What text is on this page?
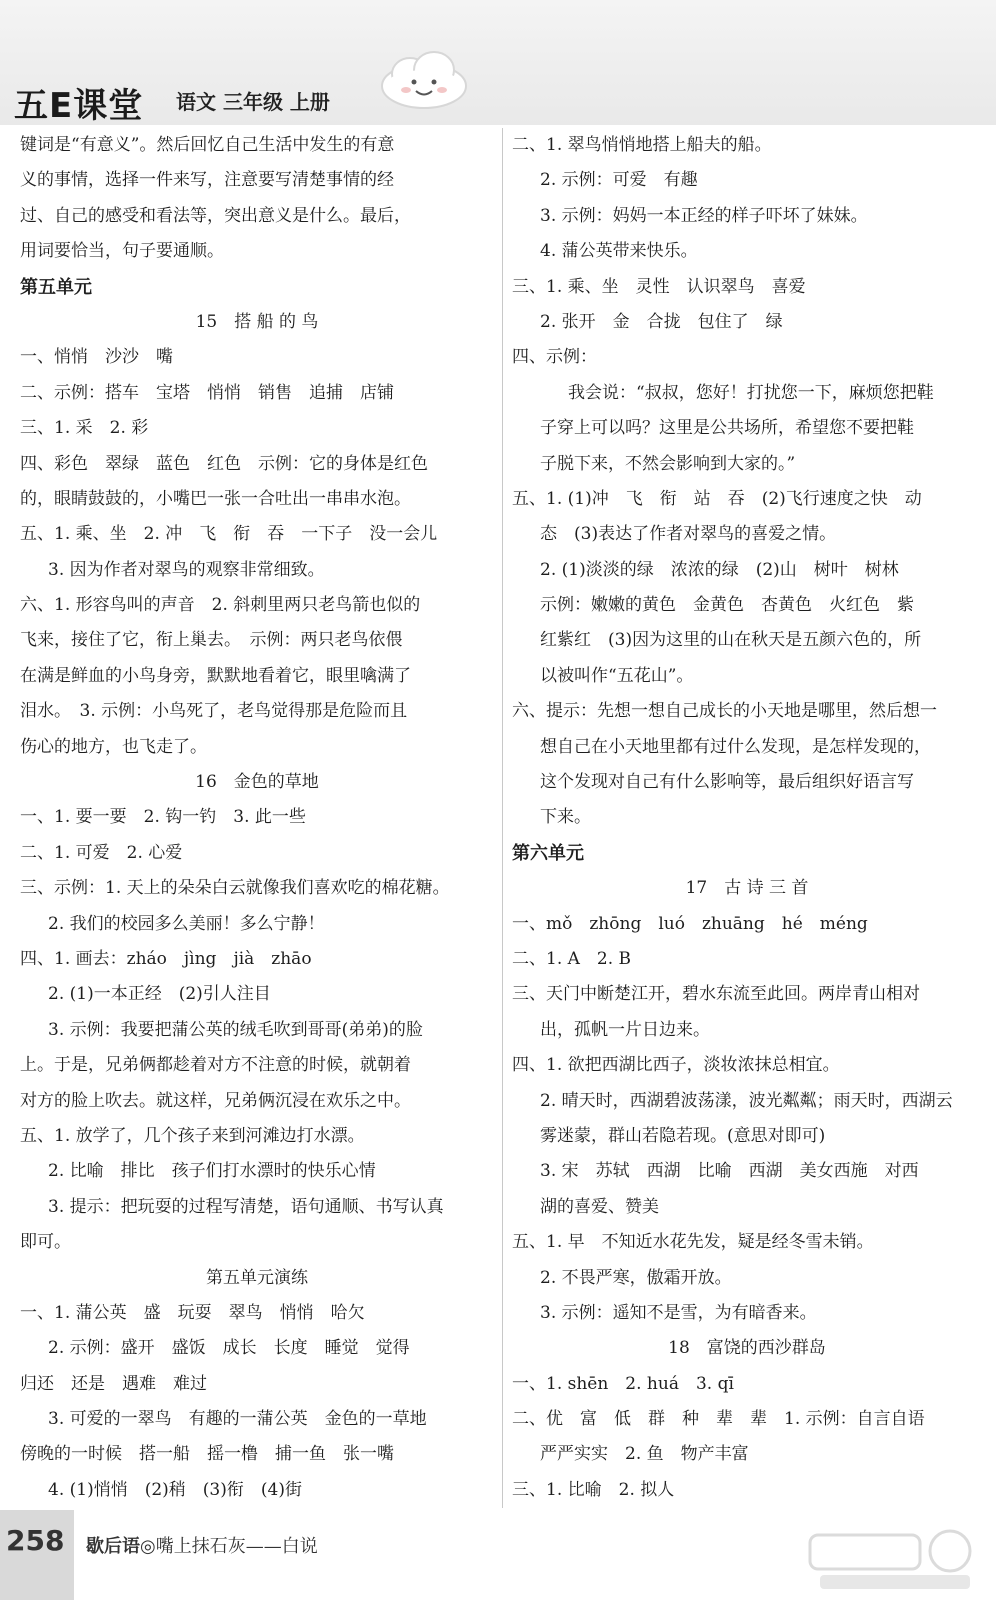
五E课堂 语文 三年级 上册
键词是“有意义”。然后回忆自己生活中发生的有意
义的事情，选择一件来写，注意要写清楚事情的经
过、自己的感受和看法等，突出意义是什么。最后，
用词要恰当，句子要通顺。
第五单元
15　搭 船 的 鸟
一、悄悄　沙沙　嘴
二、示例：搭车　宝塔　悄悄　销售　追捕　店铺
三、1. 采　2. 彩
四、彩色　翠绿　蓝色　红色　示例：它的身体是红色
的，眼睛鼓鼓的，小嘴巴一张一合吐出一串串水泡。
五、1. 乘、坐　2. 冲　飞　衔　吞　一下子　没一会儿
3. 因为作者对翠鸟的观察非常细致。
六、1. 形容鸟叫的声音　2. 斜刺里两只老鸟箭也似的
飞来，接住了它，衔上巢去。　示例：两只老鸟依偎
在满是鲜血的小鸟身旁，默默地看着它，眼里噙满了
泪水。　3. 示例：小鸟死了，老鸟觉得那是危险而且
伤心的地方，也飞走了。
16　金色的草地
一、1. 要一要　2. 钩一钓　3. 此一些
二、1. 可爱　2. 心爱
三、示例：1. 天上的朵朵白云就像我们喜欢吃的棉花糖。
2. 我们的校园多么美丽！多么宁静！
四、1. 画去：zháo　jìng　jià　zhāo
2. (1)一本正经　(2)引人注目
3. 示例：我要把蒲公英的绒毛吹到哥哥(弟弟)的脸
上。于是，兄弟俩都趁着对方不注意的时候，就朝着
对方的脸上吹去。就这样，兄弟俩沉浸在欢乐之中。
五、1. 放学了，几个孩子来到河滩边打水漂。
2. 比喻　排比　孩子们打水漂时的快乐心情
3. 提示：把玩耍的过程写清楚，语句通顺、书写认真
即可。
第五单元演练
一、1. 蒲公英　盛　玩耍　翠鸟　悄悄　哈欠
2. 示例：盛开　盛饭　成长　长度　睡觉　觉得
归还　还是　遇难　难过
3. 可爱的一翠鸟　有趣的一蒲公英　金色的一草地
傍晚的一时候　搭一船　摇一橹　捕一鱼　张一嘴
4. (1)悄悄　(2)稍　(3)衔　(4)街
二、1. 翠鸟悄悄地搭上船夫的船。
2. 示例：可爱　有趣
3. 示例：妈妈一本正经的样子吓坏了妹妹。
4. 蒲公英带来快乐。
三、1. 乘、坐　灵性　认识翠鸟　喜爱
2. 张开　金　合拢　包住了　绿
四、示例：
我会说：“叔叔，您好！打扰您一下，麻烦您把鞋
子穿上可以吗？这里是公共场所，希望您不要把鞋
子脱下来，不然会影响到大家的。”
五、1. (1)冲　飞　衔　站　吞　(2)飞行速度之快　动
态　(3)表达了作者对翠鸟的喜爱之情。
2. (1)淡淡的绿　浓浓的绿　(2)山　树叶　树林
示例：嫩嫩的黄色　金黄色　杏黄色　火红色　紫
红紫红　(3)因为这里的山在秋天是五颜六色的，所
以被叫作“五花山”。
六、提示：先想一想自己成长的小天地是哪里，然后想一
想自己在小天地里都有过什么发现，是怎样发现的，
这个发现对自己有什么影响等，最后组织好语言写
下来。
第六单元
17　古 诗 三 首
一、mǒ　zhōng　luó　zhuāng　hé　méng
二、1. A　2. B
三、天门中断楚江开，碧水东流至此回。两岸青山相对
出，孤帆一片日边来。
四、1. 欲把西湖比西子，淡妆浓抹总相宜。
2. 晴天时，西湖碧波荡漾，波光粼粼；雨天时，西湖云
雾迷蒙，群山若隐若现。(意思对即可)
3. 宋　苏轼　西湖　比喻　西湖　美女西施　对西
湖的喜爱、赞美
五、1. 早　不知近水花先发，疑是经冬雪未销。
2. 不畏严寒，傲霜开放。
3. 示例：遥知不是雪，为有暗香来。
18　富饶的西沙群岛
一、1. shēn　2. huá　3. qī
二、优　富　低　群　种　辈　辈　1. 示例：自言自语
严严实实　2. 鱼　物产丰富
三、1. 比喻　2. 拟人
258 歇后语◎嘴上抹石灰——白说
